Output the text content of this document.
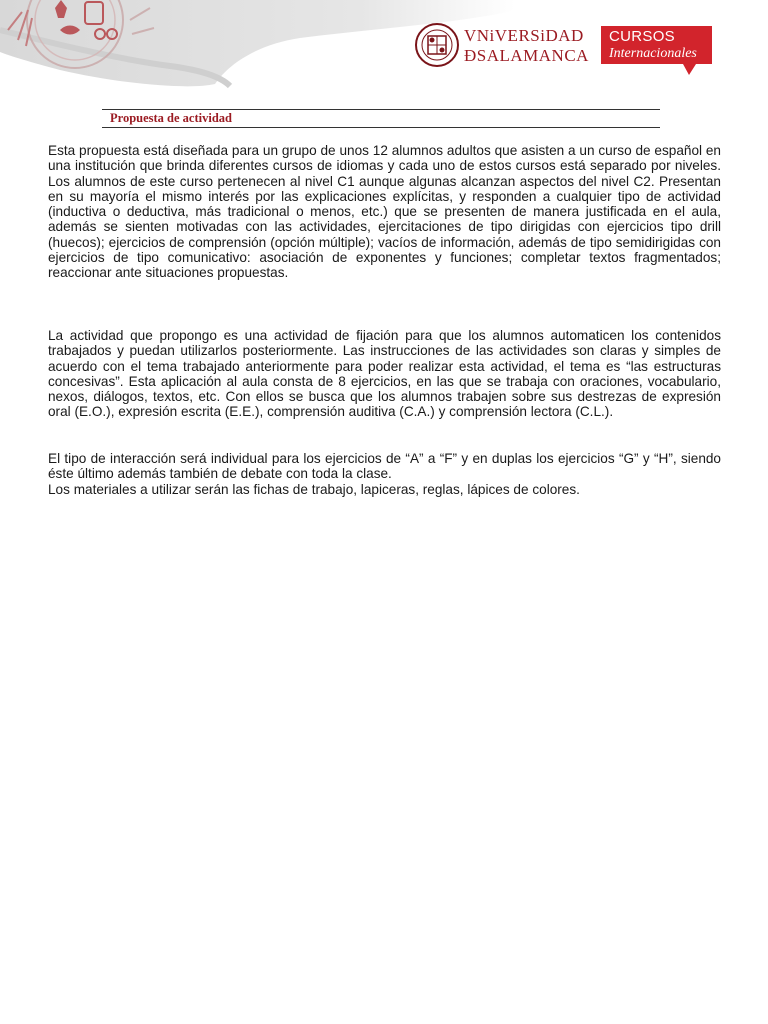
VNiVERSiDAD
ÐSALAMANCA
CURSOS
Internacionales
Propuesta de actividad

Esta propuesta está diseñada para un grupo de unos 12 alumnos adultos que asisten a un curso de español en una institución que brinda diferentes cursos de idiomas y cada uno de estos cursos está separado por niveles. Los alumnos de este curso pertenecen al nivel C1 aunque algunas alcanzan aspectos del nivel C2. Presentan en su mayoría el mismo interés por las explicaciones explícitas, y responden a cualquier tipo de actividad (inductiva o deductiva, más tradicional o menos, etc.) que se presenten de manera justificada en el aula, además se sienten motivadas con las actividades, ejercitaciones de tipo dirigidas con ejercicios tipo drill (huecos); ejercicios de comprensión (opción múltiple); vacíos de información, además de tipo semidirigidas con ejercicios de tipo comunicativo: asociación de exponentes y funciones; completar textos fragmentados; reaccionar ante situaciones propuestas.

La actividad que propongo es una actividad de fijación para que los alumnos automaticen los contenidos trabajados y puedan utilizarlos posteriormente. Las instrucciones de las actividades son claras y simples de acuerdo con el tema trabajado anteriormente para poder realizar esta actividad, el tema es “las estructuras concesivas”. Esta aplicación al aula consta de 8 ejercicios, en las que se trabaja con oraciones, vocabulario, nexos, diálogos, textos, etc. Con ellos se busca que los alumnos trabajen sobre sus destrezas de expresión oral (E.O.), expresión escrita (E.E.), comprensión auditiva (C.A.) y comprensión lectora (C.L.).

El tipo de interacción será individual para los ejercicios de “A” a “F” y en duplas los ejercicios “G” y “H”, siendo éste último además también de debate con toda la clase.

Los materiales a utilizar serán las fichas de trabajo, lapiceras, reglas, lápices de colores.
